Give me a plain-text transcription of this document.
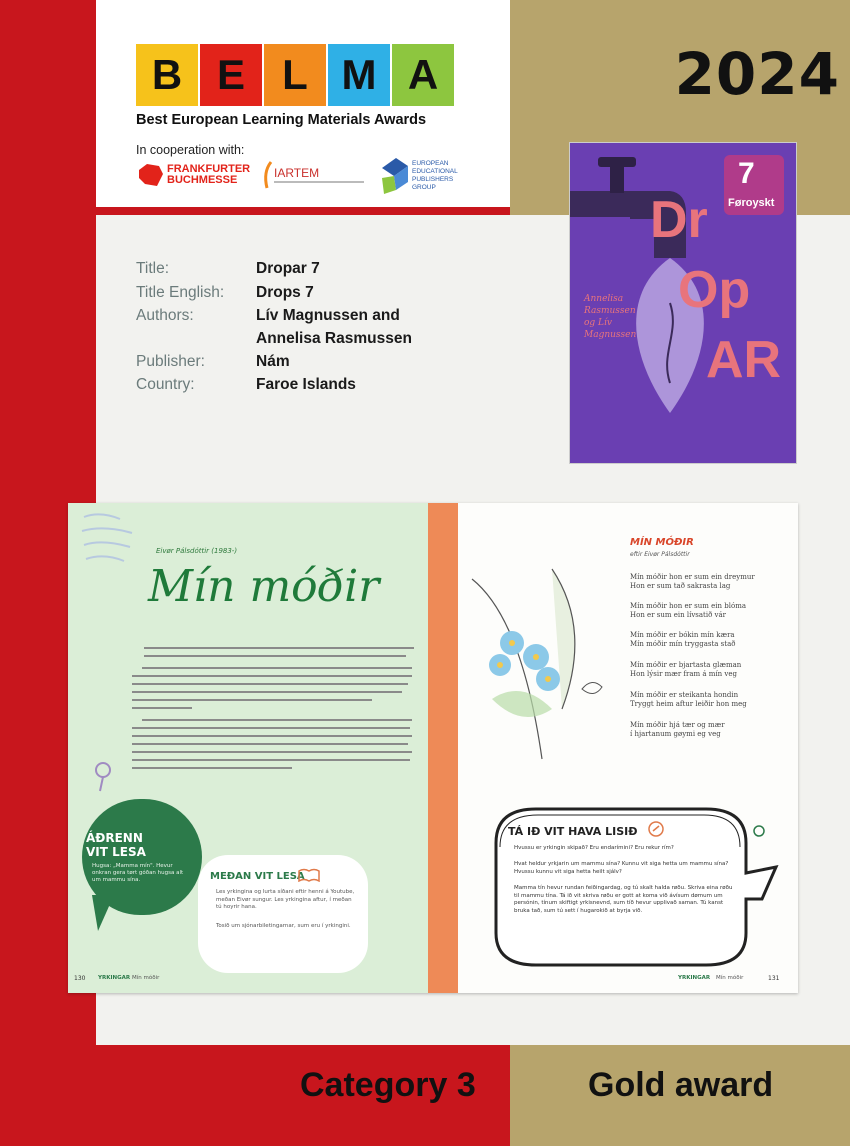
2024
B E L M A
Best European Learning Materials Awards
In cooperation with:
FRANKFURTER
BUCHMESSE	IARTEM
EUROPEAN
EDUCATIONAL
PUBLISHERS
GROUP
Title:	Dropar 7
Title English: Drops 7
Authors:	Lív Magnussen and
Annelisa Rasmussen
Publisher:	Nám
Country:	Faroe Islands
7
Føroyskt
Dr
Op
AR
Annelisa
Rasmussen
og Lív
Magnussen
Eivør Pálsdóttir (1983-)
Mín móðir
ÁÐRENN
VIT LESA
Hugsa: „Mamma mín". Hevur onkran gera tørt góðan hugsa alt um mammu sína.	MEÐAN VIT LESA
Les yrkingina og lurta síðani eftir henni á Youtube, meðan Eivør sungur. Les yrkingina aftur, í meðan tú hoyrir hana.
Tosið um sjónarbiletingarnar, sum eru í yrkingini.
130 YRKINGAR Mín móðir
MÍN MÓÐIR
eftir Eivør Pálsdóttir
Mín móðir hon er sum ein dreymur
Hon er sum tað sakrasta lag
Mín móðir hon er sum ein blóma
Hon er sum ein lívsatið vár
Mín móðir er bókin mín kæra
Mín móðir mín tryggasta stað
Mín móðir er bjartasta glæman
Hon lýsir mær fram á mín veg
Mín móðir er steikanta hondin
Tryggt heim aftur leiðir hon meg
Mín móðir hjá tær og mær
í hjartanum gøymi eg veg
TÁ IÐ VIT HAVA LISIÐ
Hvussu er yrkingin skipað? Eru endarímini? Eru rekur rím?
Hvat heldur yrkjarin um mammu sína? Kunnu vit siga hetta um mammu sína? Hvussu kunnu vit siga hetta heilt sjálv?
Mamma tín hevur rundan feiðingardag, og tú skalt halda røðu. Skriva eina røðu til mammu tína. Tá ið vit skriva røðu er gott at koma við ávísum dømum um persónin, tínum skiftigt yrkisnevnd, sum tíð hevur upplivað saman. Tú kanst bruka tað, sum tú sett í hugarokið at byrja við.
YRKINGAR Mín móðir	131
Category 3	Gold award
